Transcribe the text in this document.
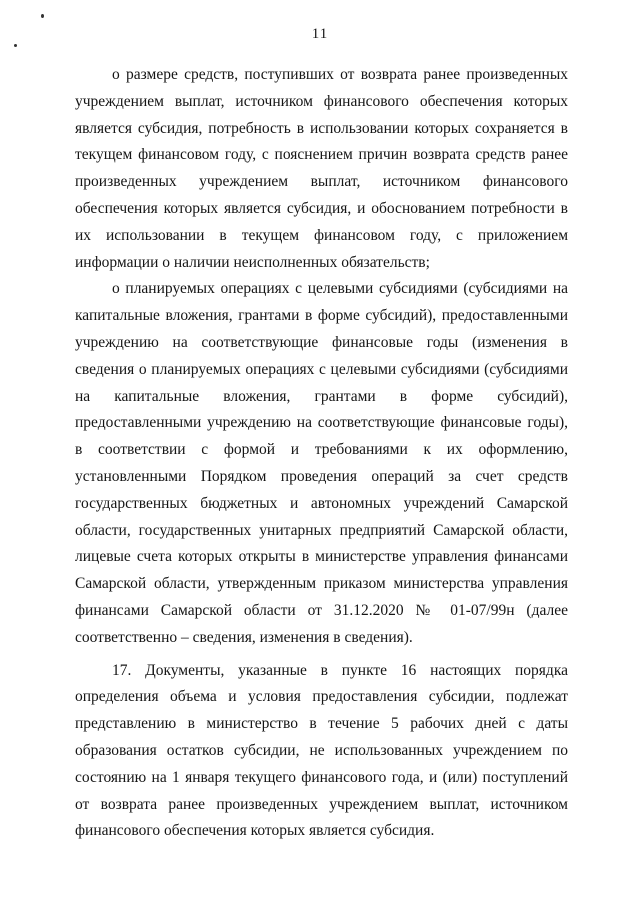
11

о размере средств, поступивших от возврата ранее произведенных учреждением выплат, источником финансового обеспечения которых является субсидия, потребность в использовании которых сохраняется в текущем финансовом году, с пояснением причин возврата средств ранее произведенных учреждением выплат, источником финансового обеспечения которых является субсидия, и обоснованием потребности в их использовании в текущем финансовом году, с приложением информации о наличии неисполненных обязательств;

о планируемых операциях с целевыми субсидиями (субсидиями на капитальные вложения, грантами в форме субсидий), предоставленными учреждению на соответствующие финансовые годы (изменения в сведения о планируемых операциях с целевыми субсидиями (субсидиями на капитальные вложения, грантами в форме субсидий), предоставленными учреждению на соответствующие финансовые годы), в соответствии с формой и требованиями к их оформлению, установленными Порядком проведения операций за счет средств государственных бюджетных и автономных учреждений Самарской области, государственных унитарных предприятий Самарской области, лицевые счета которых открыты в министерстве управления финансами Самарской области, утвержденным приказом министерства управления финансами Самарской области от 31.12.2020 № 01-07/99н (далее соответственно – сведения, изменения в сведения).

17. Документы, указанные в пункте 16 настоящих порядка определения объема и условия предоставления субсидии, подлежат представлению в министерство в течение 5 рабочих дней с даты образования остатков субсидии, не использованных учреждением по состоянию на 1 января текущего финансового года, и (или) поступлений от возврата ранее произведенных учреждением выплат, источником финансового обеспечения которых является субсидия.
